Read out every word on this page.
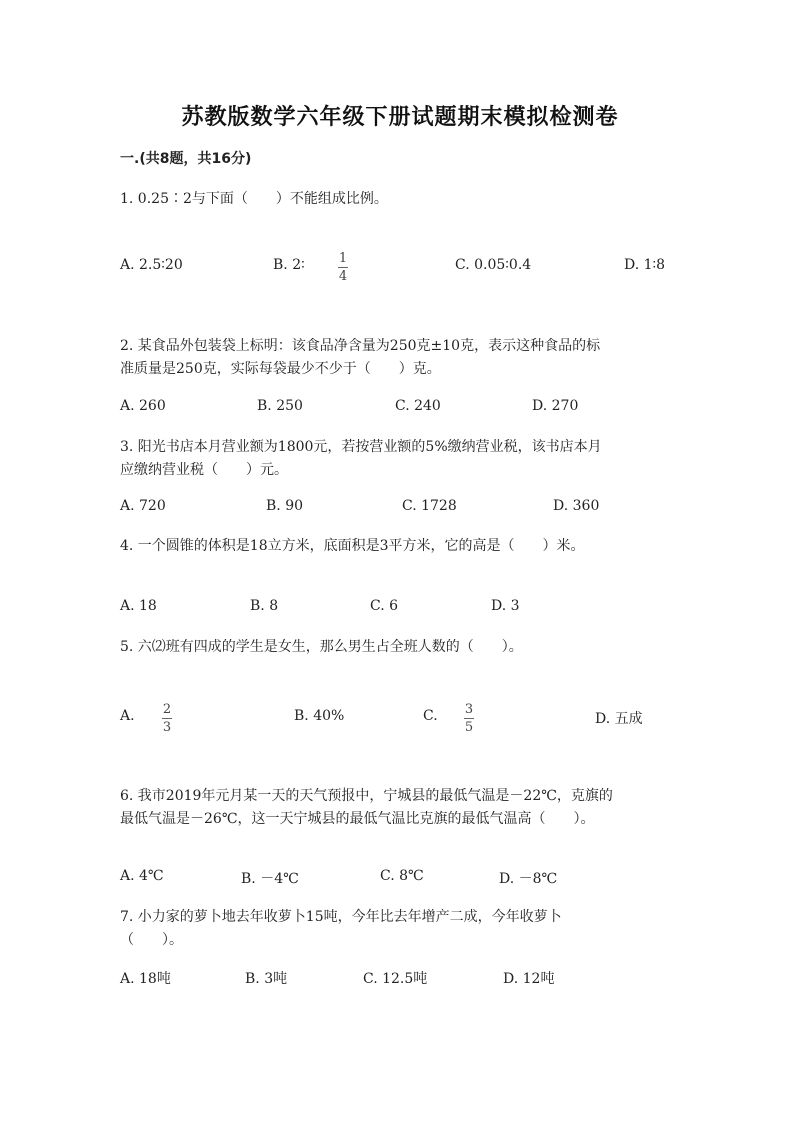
苏教版数学六年级下册试题期末模拟检测卷
一.(共8题，共16分)
1. 0.25∶2与下面（　　）不能组成比例。
A. 2.5∶20	B. 2∶	1
4
C. 0.05∶0.4	D. 1∶8
2. 某食品外包装袋上标明：该食品净含量为250克±10克，表示这种食品的标
准质量是250克，实际每袋最少不少于（　　）克。
A. 260	B. 250	C. 240	D. 270
3. 阳光书店本月营业额为1800元，若按营业额的5%缴纳营业税，该书店本月
应缴纳营业税（　　）元。
A. 720	B. 90	C. 1728	D. 360
4. 一个圆锥的体积是18立方米，底面积是3平方米，它的高是（　　）米。
A. 18	B. 8	C. 6	D. 3
5. 六⑵班有四成的学生是女生，那么男生占全班人数的（　　）。
A. 2
3
B. 40%	C. 3
5
D. 五成
6. 我市2019年元月某一天的天气预报中，宁城县的最低气温是－22℃，克旗的
最低气温是－26℃，这一天宁城县的最低气温比克旗的最低气温高（　　）。
A. 4℃	B. －4℃	C. 8℃	D. －8℃
7. 小力家的萝卜地去年收萝卜15吨，今年比去年增产二成，今年收萝卜
（　　）。
A. 18吨	B. 3吨	C. 12.5吨	D. 12吨
